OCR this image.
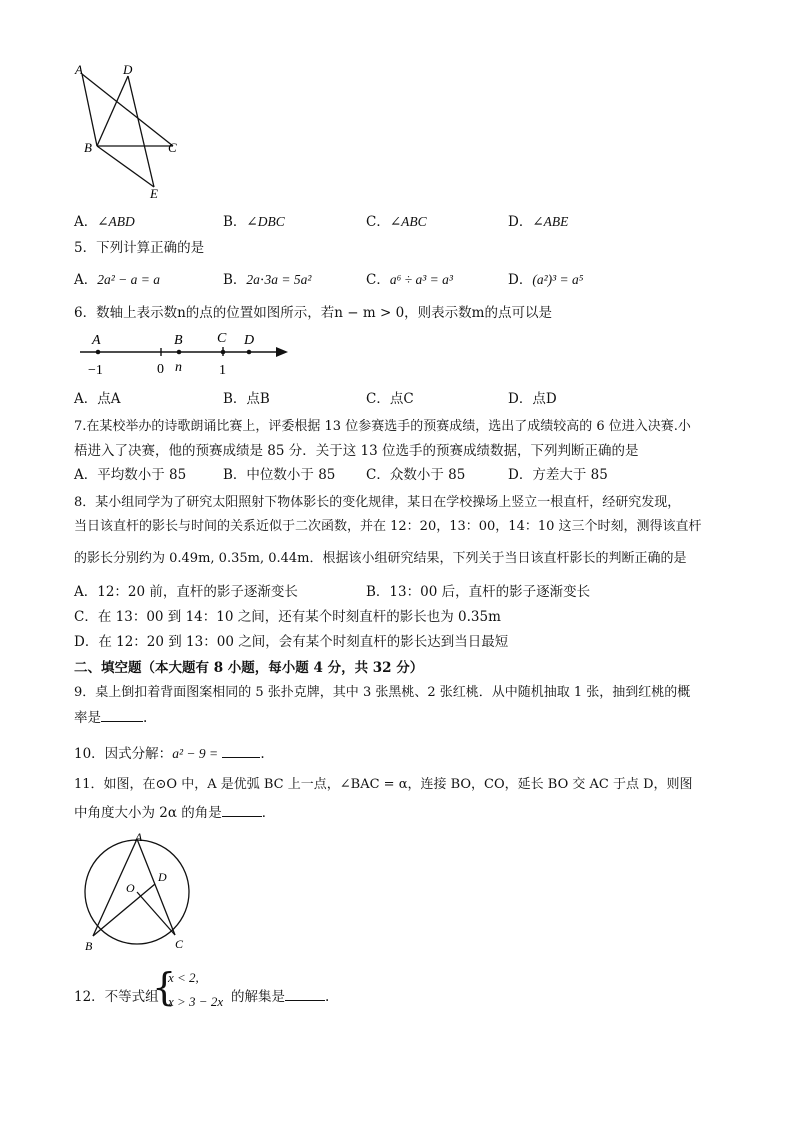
A	D
B	C
E
A．∠ABD	B．∠DBC	C．∠ABC	D．∠ABE
5．下列计算正确的是
A．2a² − a = a	B．2a⋅3a = 5a²	C．a⁶ ÷ a³ = a³	D．(a²)³ = a⁵
6．数轴上表示数n的点的位置如图所示，若n − m > 0，则表示数m的点可以是
A	B C D
−1	0 n	1
A．点A	B．点B	C．点C	D．点D
7.在某校举办的诗歌朗诵比赛上，评委根据 13 位参赛选手的预赛成绩，选出了成绩较高的 6 位进入决赛.小
梧进入了决赛，他的预赛成绩是 85 分．关于这 13 位选手的预赛成绩数据，下列判断正确的是
A．平均数小于 85	B．中位数小于 85 C．众数小于 85	D．方差大于 85
8．某小组同学为了研究太阳照射下物体影长的变化规律，某日在学校操场上竖立一根直杆，经研究发现，
当日该直杆的影长与时间的关系近似于二次函数，并在 12：20，13：00，14：10 这三个时刻，测得该直杆
的影长分别约为 0.49m, 0.35m, 0.44m．根据该小组研究结果，下列关于当日该直杆影长的判断正确的是
A．12：20 前，直杆的影子逐渐变长	B．13：00 后，直杆的影子逐渐变长
C．在 13：00 到 14：10 之间，还有某个时刻直杆的影长也为 0.35m
D．在 12：20 到 13：00 之间，会有某个时刻直杆的影长达到当日最短
二、填空题（本大题有 8 小题，每小题 4 分，共 32 分）
9．桌上倒扣着背面图案相同的 5 张扑克牌，其中 3 张黑桃、2 张红桃．从中随机抽取 1 张，抽到红桃的概
率是	.
10．因式分解：a² − 9 =	.
11．如图，在⊙O 中，A 是优弧 BC 上一点，∠BAC = α，连接 BO，CO，延长 BO 交 AC 于点 D，则图
中角度大小为 2α 的角是	．
A
O
D
B	C
12．不等式组
{
x < 2,
x > 3 − 2x 的解集是	.
